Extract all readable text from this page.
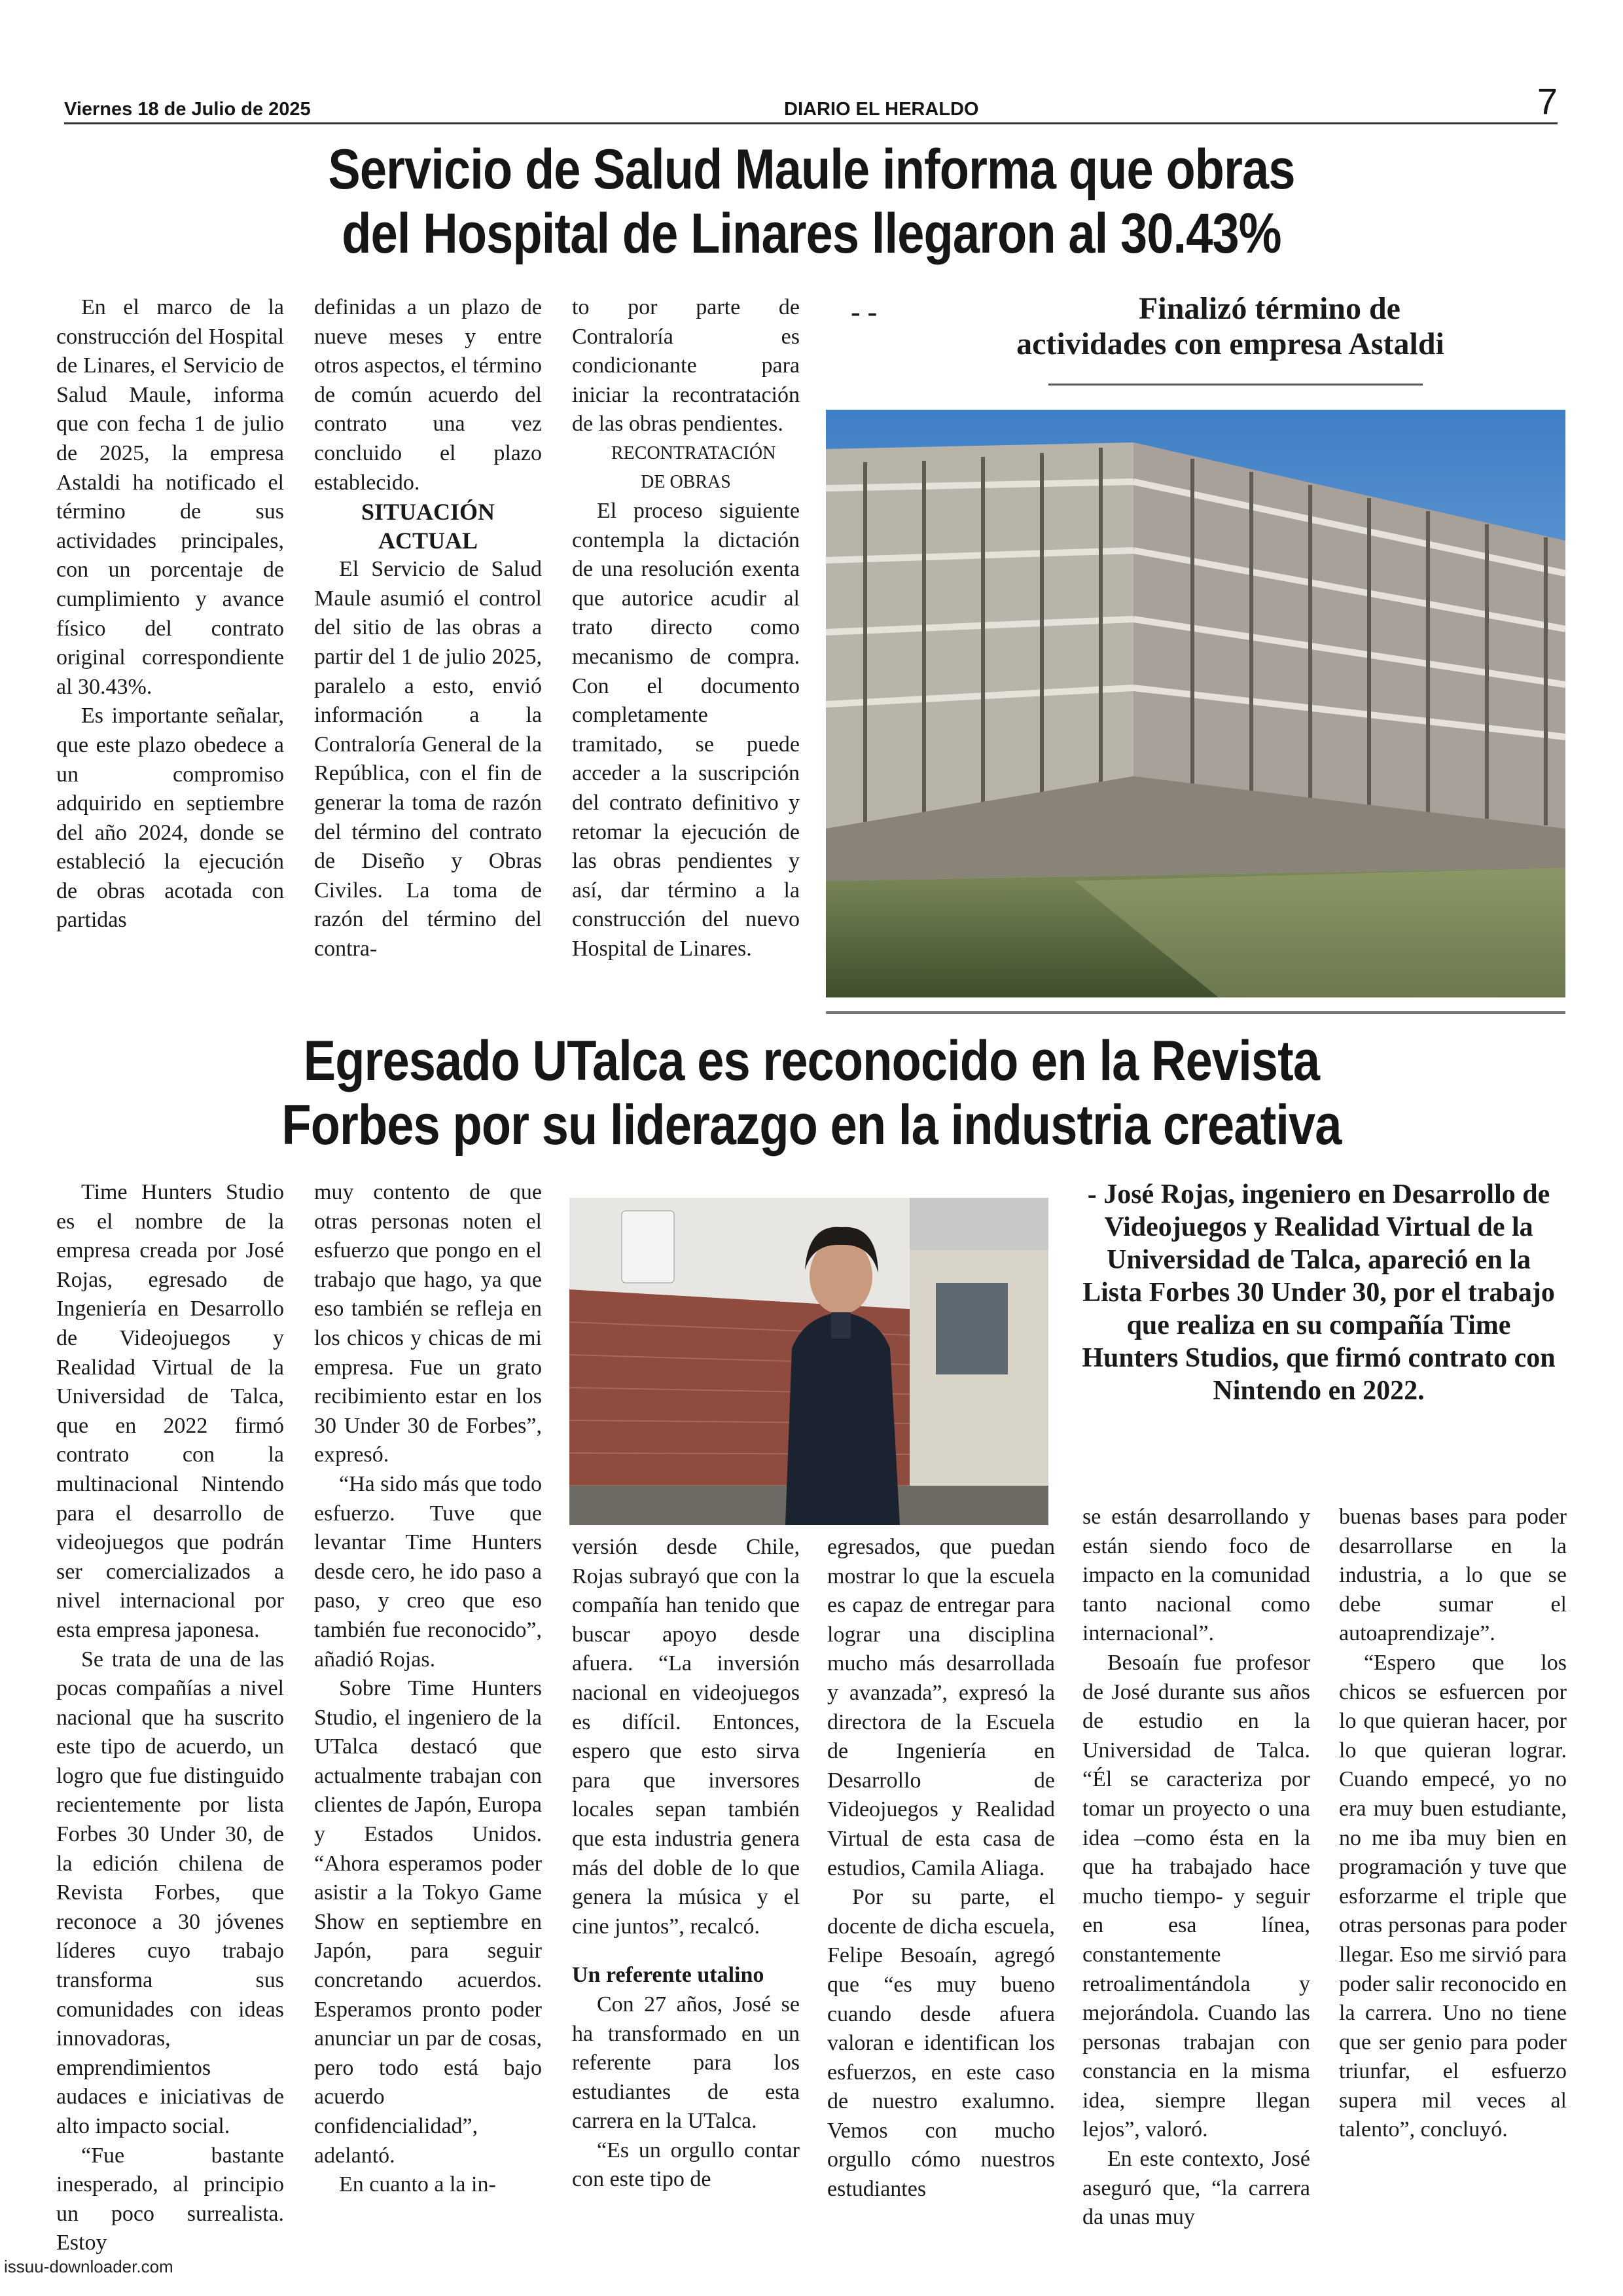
Viernes 18 de Julio de 2025	DIARIO EL HERALDO	7
Servicio de Salud Maule informa que obras
del Hospital de Linares llegaron al 30.43%

En el marco de la construcción del Hospital de Linares, el Servicio de Salud Maule, informa que con fecha 1 de julio de 2025, la empresa Astaldi ha notificado el término de sus actividades principales, con un porcentaje de cumplimiento y avance físico del contrato original correspondiente al 30.43%.

Es importante señalar, que este plazo obedece a un compromiso adquirido en septiembre del año 2024, donde se estableció la ejecución de obras acotada con partidas

definidas a un plazo de nueve meses y entre otros aspectos, el término de común acuerdo del contrato una vez concluido el plazo establecido.

SITUACIÓN ACTUAL

El Servicio de Salud Maule asumió el control del sitio de las obras a partir del 1 de julio 2025, paralelo a esto, envió información a la Contraloría General de la República, con el fin de generar la toma de razón del término del contrato de Diseño y Obras Civiles. La toma de razón del término del contra-

to por parte de Contraloría es condicionante para iniciar la recontratación de las obras pendientes.

RECONTRATACIÓN DE OBRAS

El proceso siguiente contempla la dictación de una resolución exenta que autorice acudir al trato directo como mecanismo de compra. Con el documento completamente tramitado, se puede acceder a la suscripción del contrato definitivo y retomar la ejecución de las obras pendientes y así, dar término a la construcción del nuevo Hospital de Linares.

- -	Finalizó término de
actividades con empresa Astaldi
Egresado UTalca es reconocido en la Revista
Forbes por su liderazgo en la industria creativa

Time Hunters Studio es el nombre de la empresa creada por José Rojas, egresado de Ingeniería en Desarrollo de Videojuegos y Realidad Virtual de la Universidad de Talca, que en 2022 firmó contrato con la multinacional Nintendo para el desarrollo de videojuegos que podrán ser comercializados a nivel internacional por esta empresa japonesa.

Se trata de una de las pocas compañías a nivel nacional que ha suscrito este tipo de acuerdo, un logro que fue distinguido recientemente por lista Forbes 30 Under 30, de la edición chilena de Revista Forbes, que reconoce a 30 jóvenes líderes cuyo trabajo transforma sus comunidades con ideas innovadoras, emprendimientos audaces e iniciativas de alto impacto social.

“Fue bastante inesperado, al principio un poco surrealista. Estoy

muy contento de que otras personas noten el esfuerzo que pongo en el trabajo que hago, ya que eso también se refleja en los chicos y chicas de mi empresa. Fue un grato recibimiento estar en los 30 Under 30 de Forbes”, expresó.

“Ha sido más que todo esfuerzo. Tuve que levantar Time Hunters desde cero, he ido paso a paso, y creo que eso también fue reconocido”, añadió Rojas.

Sobre Time Hunters Studio, el ingeniero de la UTalca destacó que actualmente trabajan con clientes de Japón, Europa y Estados Unidos. “Ahora esperamos poder asistir a la Tokyo Game Show en septiembre en Japón, para seguir concretando acuerdos. Esperamos pronto poder anunciar un par de cosas, pero todo está bajo acuerdo confidencialidad”, adelantó.

En cuanto a la in-

versión desde Chile, Rojas subrayó que con la compañía han tenido que buscar apoyo desde afuera. “La inversión nacional en videojuegos es difícil. Entonces, espero que esto sirva para que inversores locales sepan también que esta industria genera más del doble de lo que genera la música y el cine juntos”, recalcó.

Un referente utalino

Con 27 años, José se ha transformado en un referente para los estudiantes de esta carrera en la UTalca.

“Es un orgullo contar con este tipo de

egresados, que puedan mostrar lo que la escuela es capaz de entregar para lograr una disciplina mucho más desarrollada y avanzada”, expresó la directora de la Escuela de Ingeniería en Desarrollo de Videojuegos y Realidad Virtual de esta casa de estudios, Camila Aliaga.

Por su parte, el docente de dicha escuela, Felipe Besoaín, agregó que “es muy bueno cuando desde afuera valoran e identifican los esfuerzos, en este caso de nuestro exalumno. Vemos con mucho orgullo cómo nuestros estudiantes

- José Rojas, ingeniero en Desarrollo de Videojuegos y Realidad Virtual de la Universidad de Talca, apareció en la Lista Forbes 30 Under 30, por el trabajo que realiza en su compañía Time Hunters Studios, que firmó contrato con Nintendo en 2022.

se están desarrollando y están siendo foco de impacto en la comunidad tanto nacional como internacional”.

Besoaín fue profesor de José durante sus años de estudio en la Universidad de Talca. “Él se caracteriza por tomar un proyecto o una idea –como ésta en la que ha trabajado hace mucho tiempo- y seguir en esa línea, constantemente retroalimentándola y mejorándola. Cuando las personas trabajan con constancia en la misma idea, siempre llegan lejos”, valoró.

En este contexto, José aseguró que, “la carrera da unas muy

buenas bases para poder desarrollarse en la industria, a lo que se debe sumar el autoaprendizaje”.

“Espero que los chicos se esfuercen por lo que quieran hacer, por lo que quieran lograr. Cuando empecé, yo no era muy buen estudiante, no me iba muy bien en programación y tuve que esforzarme el triple que otras personas para poder llegar. Eso me sirvió para poder salir reconocido en la carrera. Uno no tiene que ser genio para poder triunfar, el esfuerzo supera mil veces al talento”, concluyó.

issuu-downloader.com
